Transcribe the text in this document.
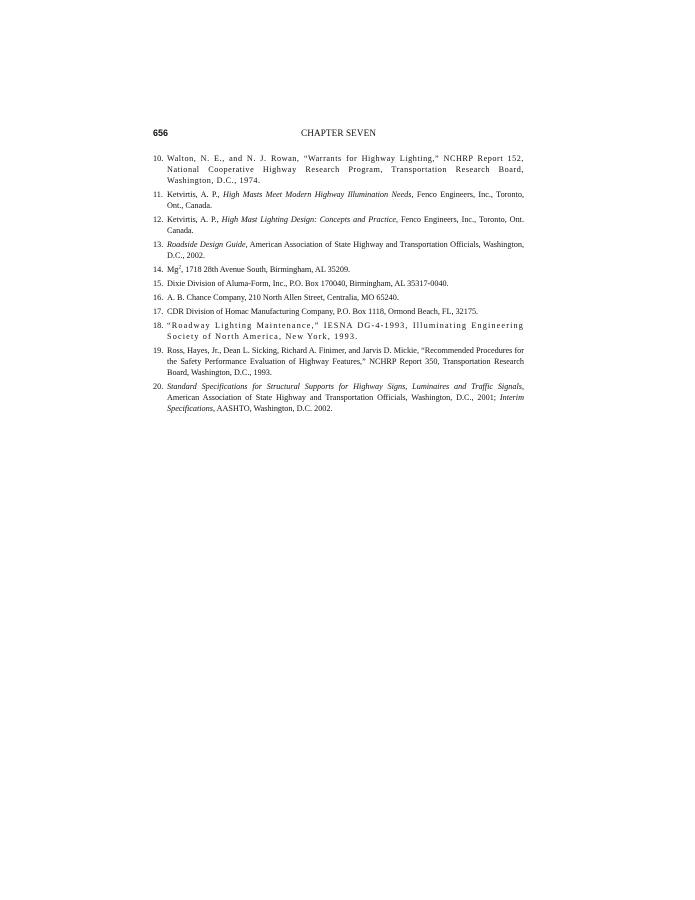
656	CHAPTER SEVEN
10. Walton, N. E., and N. J. Rowan, “Warrants for Highway Lighting,” NCHRP Report 152, National Cooperative Highway Research Program, Transportation Research Board, Washington, D.C., 1974.
11. Ketvirtis, A. P., High Masts Meet Modern Highway Illumination Needs, Fenco Engineers, Inc., Toronto, Ont., Canada.
12. Ketvirtis, A. P., High Mast Lighting Design: Concepts and Practice, Fenco Engineers, Inc., Toronto, Ont. Canada.
13. Roadside Design Guide, American Association of State Highway and Transportation Officials, Washington, D.C., 2002.
14. Mg$^2$, 1718 28th Avenue South, Birmingham, AL 35209.
15. Dixie Division of Aluma-Form, Inc., P.O. Box 170040, Birmingham, AL 35317-0040.
16. A. B. Chance Company, 210 North Allen Street, Centralia, MO 65240.
17. CDR Division of Homac Manufacturing Company, P.O. Box 1118, Ormond Beach, FL, 32175.
18. “Roadway Lighting Maintenance,” IESNA DG-4-1993, Illuminating Engineering Society of North America, New York, 1993.
19. Ross, Hayes, Jr., Dean L. Sicking, Richard A. Finimer, and Jarvis D. Mickie, “Recommended Procedures for the Safety Performance Evaluation of Highway Features,” NCHRP Report 350, Transportation Research Board, Washington, D.C., 1993.
20. Standard Specifications for Structural Supports for Highway Signs, Luminaires and Traffic Signals, American Association of State Highway and Transportation Officials, Washington, D.C., 2001; Interim Specifications, AASHTO, Washington, D.C. 2002.
